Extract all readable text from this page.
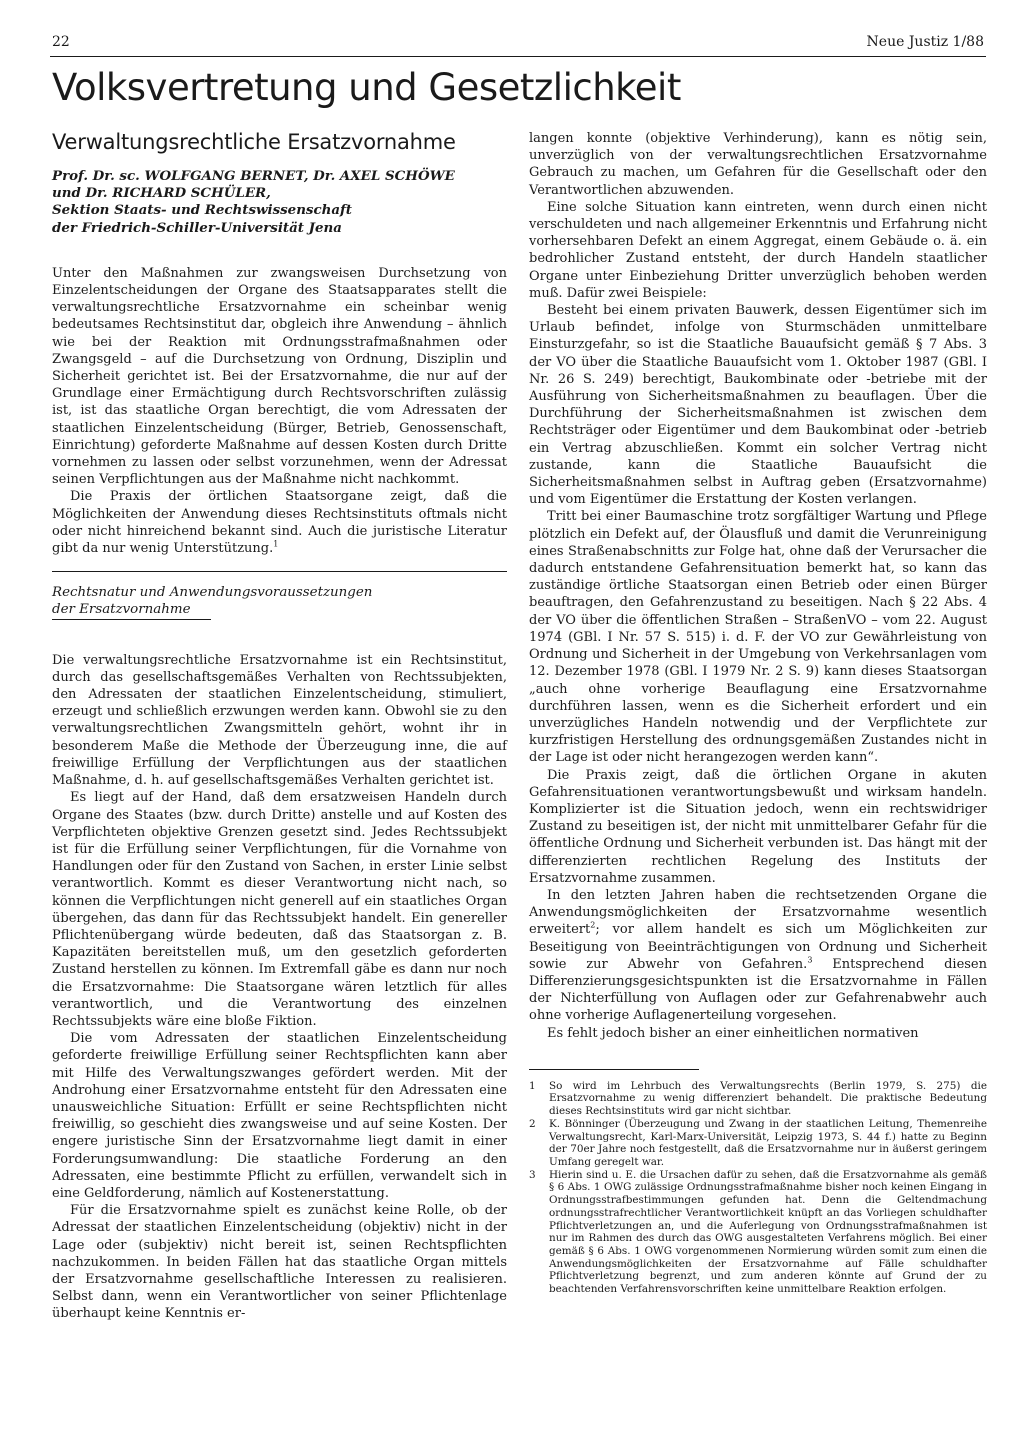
22	Neue Justiz 1/88
Volksvertretung und Gesetzlichkeit
Verwaltungsrechtliche Ersatzvornahme
Prof. Dr. sc. WOLFGANG BERNET, Dr. AXEL SCHÖWE
und Dr. RICHARD SCHÜLER,
Sektion Staats- und Rechtswissenschaft
der Friedrich-Schiller-Universität Jena

Unter den Maßnahmen zur zwangsweisen Durchsetzung von Einzelentscheidungen der Organe des Staatsapparates stellt die verwaltungsrechtliche Ersatzvornahme ein scheinbar wenig bedeutsames Rechtsinstitut dar, obgleich ihre Anwendung – ähnlich wie bei der Reaktion mit Ordnungsstrafmaßnahmen oder Zwangsgeld – auf die Durchsetzung von Ordnung, Disziplin und Sicherheit gerichtet ist. Bei der Ersatzvornahme, die nur auf der Grundlage einer Ermächtigung durch Rechtsvorschriften zulässig ist, ist das staatliche Organ berechtigt, die vom Adressaten der staatlichen Einzelentscheidung (Bürger, Betrieb, Genossenschaft, Einrichtung) geforderte Maßnahme auf dessen Kosten durch Dritte vornehmen zu lassen oder selbst vorzunehmen, wenn der Adressat seinen Verpflichtungen aus der Maßnahme nicht nachkommt.

Die Praxis der örtlichen Staatsorgane zeigt, daß die Möglichkeiten der Anwendung dieses Rechtsinstituts oftmals nicht oder nicht hinreichend bekannt sind. Auch die juristische Literatur gibt da nur wenig Unterstützung.$^1$

Rechtsnatur und Anwendungsvoraussetzungen
der Ersatzvornahme

Die verwaltungsrechtliche Ersatzvornahme ist ein Rechtsinstitut, durch das gesellschaftsgemäßes Verhalten von Rechtssubjekten, den Adressaten der staatlichen Einzelentscheidung, stimuliert, erzeugt und schließlich erzwungen werden kann. Obwohl sie zu den verwaltungsrechtlichen Zwangsmitteln gehört, wohnt ihr in besonderem Maße die Methode der Überzeugung inne, die auf freiwillige Erfüllung der Verpflichtungen aus der staatlichen Maßnahme, d. h. auf gesellschaftsgemäßes Verhalten gerichtet ist.

Es liegt auf der Hand, daß dem ersatzweisen Handeln durch Organe des Staates (bzw. durch Dritte) anstelle und auf Kosten des Verpflichteten objektive Grenzen gesetzt sind. Jedes Rechtssubjekt ist für die Erfüllung seiner Verpflichtungen, für die Vornahme von Handlungen oder für den Zustand von Sachen, in erster Linie selbst verantwortlich. Kommt es dieser Verantwortung nicht nach, so können die Verpflichtungen nicht generell auf ein staatliches Organ übergehen, das dann für das Rechtssubjekt handelt. Ein genereller Pflichtenübergang würde bedeuten, daß das Staatsorgan z. B. Kapazitäten bereitstellen muß, um den gesetzlich geforderten Zustand herstellen zu können. Im Extremfall gäbe es dann nur noch die Ersatzvornahme: Die Staatsorgane wären letztlich für alles verantwortlich, und die Verantwortung des einzelnen Rechtssubjekts wäre eine bloße Fiktion.

Die vom Adressaten der staatlichen Einzelentscheidung geforderte freiwillige Erfüllung seiner Rechtspflichten kann aber mit Hilfe des Verwaltungszwanges gefördert werden. Mit der Androhung einer Ersatzvornahme entsteht für den Adressaten eine unausweichliche Situation: Erfüllt er seine Rechtspflichten nicht freiwillig, so geschieht dies zwangsweise und auf seine Kosten. Der engere juristische Sinn der Ersatzvornahme liegt damit in einer Forderungsumwandlung: Die staatliche Forderung an den Adressaten, eine bestimmte Pflicht zu erfüllen, verwandelt sich in eine Geldforderung, nämlich auf Kostenerstattung.

Für die Ersatzvornahme spielt es zunächst keine Rolle, ob der Adressat der staatlichen Einzelentscheidung (objektiv) nicht in der Lage oder (subjektiv) nicht bereit ist, seinen Rechtspflichten nachzukommen. In beiden Fällen hat das staatliche Organ mittels der Ersatzvornahme gesellschaftliche Interessen zu realisieren. Selbst dann, wenn ein Verantwortlicher von seiner Pflichtenlage überhaupt keine Kenntnis er-

langen konnte (objektive Verhinderung), kann es nötig sein, unverzüglich von der verwaltungsrechtlichen Ersatzvornahme Gebrauch zu machen, um Gefahren für die Gesellschaft oder den Verantwortlichen abzuwenden.

Eine solche Situation kann eintreten, wenn durch einen nicht verschuldeten und nach allgemeiner Erkenntnis und Erfahrung nicht vorhersehbaren Defekt an einem Aggregat, einem Gebäude o. ä. ein bedrohlicher Zustand entsteht, der durch Handeln staatlicher Organe unter Einbeziehung Dritter unverzüglich behoben werden muß. Dafür zwei Beispiele:

Besteht bei einem privaten Bauwerk, dessen Eigentümer sich im Urlaub befindet, infolge von Sturmschäden unmittelbare Einsturzgefahr, so ist die Staatliche Bauaufsicht gemäß § 7 Abs. 3 der VO über die Staatliche Bauaufsicht vom 1. Oktober 1987 (GBl. I Nr. 26 S. 249) berechtigt, Baukombinate oder -betriebe mit der Ausführung von Sicherheitsmaßnahmen zu beauflagen. Über die Durchführung der Sicherheitsmaßnahmen ist zwischen dem Rechtsträger oder Eigentümer und dem Baukombinat oder -betrieb ein Vertrag abzuschließen. Kommt ein solcher Vertrag nicht zustande, kann die Staatliche Bauaufsicht die Sicherheitsmaßnahmen selbst in Auftrag geben (Ersatzvornahme) und vom Eigentümer die Erstattung der Kosten verlangen.

Tritt bei einer Baumaschine trotz sorgfältiger Wartung und Pflege plötzlich ein Defekt auf, der Ölausfluß und damit die Verunreinigung eines Straßenabschnitts zur Folge hat, ohne daß der Verursacher die dadurch entstandene Gefahrensituation bemerkt hat, so kann das zuständige örtliche Staatsorgan einen Betrieb oder einen Bürger beauftragen, den Gefahrenzustand zu beseitigen. Nach § 22 Abs. 4 der VO über die öffentlichen Straßen – StraßenVO – vom 22. August 1974 (GBl. I Nr. 57 S. 515) i. d. F. der VO zur Gewährleistung von Ordnung und Sicherheit in der Umgebung von Verkehrsanlagen vom 12. Dezember 1978 (GBl. I 1979 Nr. 2 S. 9) kann dieses Staatsorgan „auch ohne vorherige Beauflagung eine Ersatzvornahme durchführen lassen, wenn es die Sicherheit erfordert und ein unverzügliches Handeln notwendig und der Verpflichtete zur kurzfristigen Herstellung des ordnungsgemäßen Zustandes nicht in der Lage ist oder nicht herangezogen werden kann“.

Die Praxis zeigt, daß die örtlichen Organe in akuten Gefahrensituationen verantwortungsbewußt und wirksam handeln. Komplizierter ist die Situation jedoch, wenn ein rechtswidriger Zustand zu beseitigen ist, der nicht mit unmittelbarer Gefahr für die öffentliche Ordnung und Sicherheit verbunden ist. Das hängt mit der differenzierten rechtlichen Regelung des Instituts der Ersatzvornahme zusammen.

In den letzten Jahren haben die rechtsetzenden Organe die Anwendungsmöglichkeiten der Ersatzvornahme wesentlich erweitert$^2$; vor allem handelt es sich um Möglichkeiten zur Beseitigung von Beeinträchtigungen von Ordnung und Sicherheit sowie zur Abwehr von Gefahren.$^3$ Entsprechend diesen Differenzierungsgesichtspunkten ist die Ersatzvornahme in Fällen der Nichterfüllung von Auflagen oder zur Gefahrenabwehr auch ohne vorherige Auflagenerteilung vorgesehen.

Es fehlt jedoch bisher an einer einheitlichen normativen

1	So wird im Lehrbuch des Verwaltungsrechts (Berlin 1979, S. 275) die Ersatzvornahme zu wenig differenziert behandelt. Die praktische Bedeutung dieses Rechtsinstituts wird gar nicht sichtbar.
2	K. Bönninger (Überzeugung und Zwang in der staatlichen Leitung, Themenreihe Verwaltungsrecht, Karl-Marx-Universität, Leipzig 1973, S. 44 f.) hatte zu Beginn der 70er Jahre noch festgestellt, daß die Ersatzvornahme nur in äußerst geringem Umfang geregelt war.
3	Hierin sind u. E. die Ursachen dafür zu sehen, daß die Ersatzvornahme als gemäß § 6 Abs. 1 OWG zulässige Ordnungsstrafmaßnahme bisher noch keinen Eingang in Ordnungsstrafbestimmungen gefunden hat. Denn die Geltendmachung ordnungsstrafrechtlicher Verantwortlichkeit knüpft an das Vorliegen schuldhafter Pflichtverletzungen an, und die Auferlegung von Ordnungsstrafmaßnahmen ist nur im Rahmen des durch das OWG ausgestalteten Verfahrens möglich. Bei einer gemäß § 6 Abs. 1 OWG vorgenommenen Normierung würden somit zum einen die Anwendungsmöglichkeiten der Ersatzvornahme auf Fälle schuldhafter Pflichtverletzung begrenzt, und zum anderen könnte auf Grund der zu beachtenden Verfahrensvorschriften keine unmittelbare Reaktion erfolgen.
